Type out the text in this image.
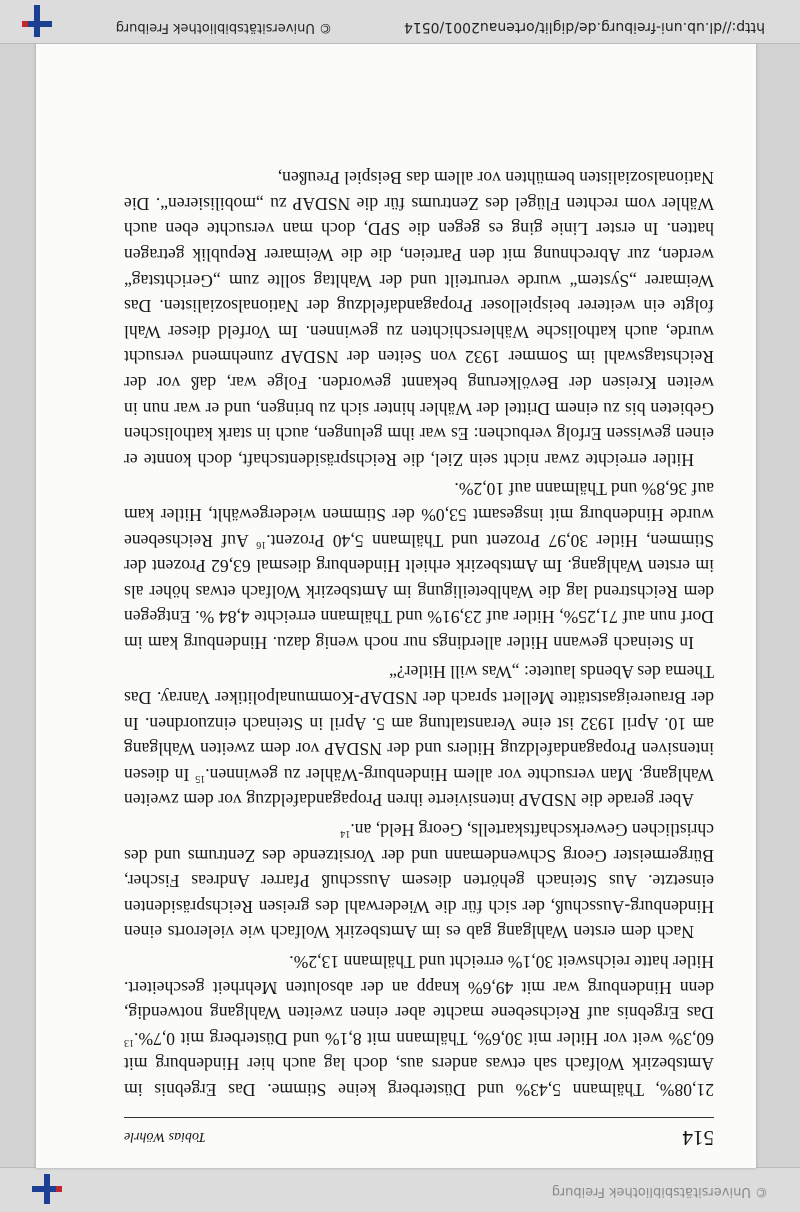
© Universitätsbibliothek Freiburg
514
Tobias Wöhrle

21,08%, Thälmann 5,43% und Düsterberg keine Stimme. Das Ergebnis im Amtsbezirk Wolfach sah etwas anders aus, doch lag auch hier Hindenburg mit 60,3% weit vor Hitler mit 30,6%, Thälmann mit 8,1% und Düsterberg mit 0,7%.$^{13}$ Das Ergebnis auf Reichsebene machte aber einen zweiten Wahlgang notwendig, denn Hindenburg war mit 49,6% knapp an der absoluten Mehrheit gescheitert. Hitler hatte reichsweit 30,1% erreicht und Thälmann 13,2%.

Nach dem ersten Wahlgang gab es im Amtsbezirk Wolfach wie vielerorts einen Hindenburg-Ausschuß, der sich für die Wiederwahl des greisen Reichspräsidenten einsetzte. Aus Steinach gehörten diesem Ausschuß Pfarrer Andreas Fischer, Bürgermeister Georg Schwendemann und der Vorsitzende des Zentrums und des christlichen Gewerkschaftskartells, Georg Held, an.$^{14}$

Aber gerade die NSDAP intensivierte ihren Propagandafeldzug vor dem zweiten Wahlgang. Man versuchte vor allem Hindenburg-Wähler zu gewinnen.$^{15}$ In diesen intensiven Propagandafeldzug Hitlers und der NSDAP vor dem zweiten Wahlgang am 10. April 1932 ist eine Veranstaltung am 5. April in Steinach einzuordnen. In der Brauereigaststätte Mellert sprach der NSDAP-Kommunalpolitiker Vanray. Das Thema des Abends lautete: „Was will Hitler?“

In Steinach gewann Hitler allerdings nur noch wenig dazu. Hindenburg kam im Dorf nun auf 71,25%, Hitler auf 23,91% und Thälmann erreichte 4,84 %. Entgegen dem Reichstrend lag die Wahlbeteiligung im Amtsbezirk Wolfach etwas höher als im ersten Wahlgang. Im Amtsbezirk erhielt Hindenburg diesmal 63,62 Prozent der Stimmen, Hitler 30,97 Prozent und Thälmann 5,40 Prozent.$^{16}$ Auf Reichsebene wurde Hindenburg mit insgesamt 53,0% der Stimmen wiedergewählt, Hitler kam auf 36,8% und Thälmann auf 10,2%.

Hitler erreichte zwar nicht sein Ziel, die Reichspräsidentschaft, doch konnte er einen gewissen Erfolg verbuchen: Es war ihm gelungen, auch in stark katholischen Gebieten bis zu einem Drittel der Wähler hinter sich zu bringen, und er war nun in weiten Kreisen der Bevölkerung bekannt geworden. Folge war, daß vor der Reichstagswahl im Sommer 1932 von Seiten der NSDAP zunehmend versucht wurde, auch katholische Wählerschichten zu gewinnen. Im Vorfeld dieser Wahl folgte ein weiterer beispielloser Propagandafeldzug der Nationalsozialisten. Das Weimarer „System“ wurde verurteilt und der Wahltag sollte zum „Gerichtstag“ werden, zur Abrechnung mit den Parteien, die die Weimarer Republik getragen hatten. In erster Linie ging es gegen die SPD, doch man versuchte eben auch Wähler vom rechten Flügel des Zentrums für die NSDAP zu „mobilisieren“. Die Nationalsozialisten bemühten vor allem das Beispiel Preußen,

http://dl.ub.uni-freiburg.de/diglit/ortenau2001/0514
© Universitätsbibliothek Freiburg
